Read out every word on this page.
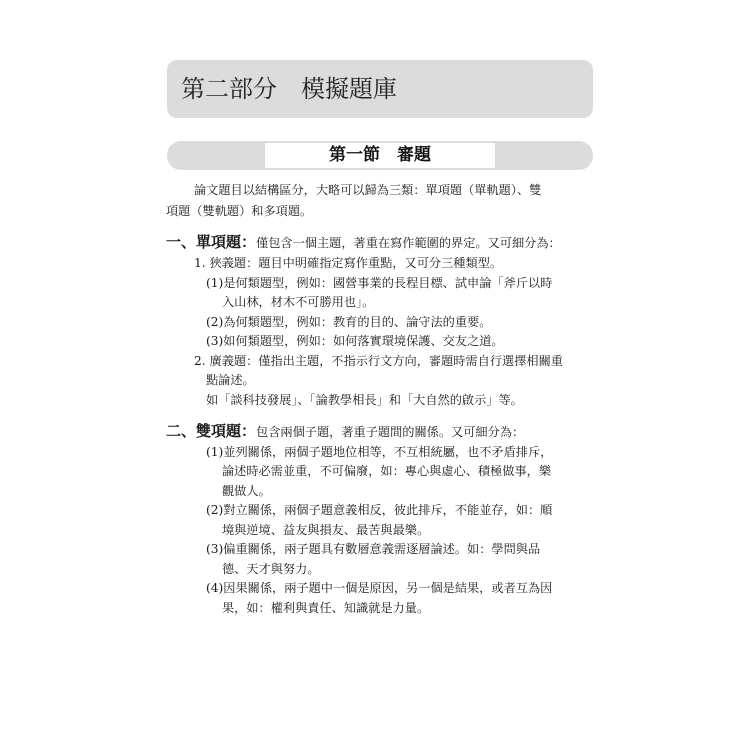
第二部分　模擬題庫
第一節　審題
論文題目以結構區分，大略可以歸為三類：單項題（單軌題）、雙
項題（雙軌題）和多項題。
一、單項題：僅包含一個主題，著重在寫作範圍的界定。又可細分為：
1. 狹義題：題目中明確指定寫作重點，又可分三種類型。
(1)是何類題型，例如：國營事業的長程目標、試申論「斧斤以時
入山林，材木不可勝用也」。
(2)為何類題型，例如：教育的目的、論守法的重要。
(3)如何類題型，例如：如何落實環境保護、交友之道。
2. 廣義題：僅指出主題，不指示行文方向，審題時需自行選擇相關重
點論述。
如「談科技發展」、「論教學相長」和「大自然的啟示」等。
二、雙項題：包含兩個子題，著重子題間的關係。又可細分為：
(1)並列關係，兩個子題地位相等，不互相統屬，也不矛盾排斥，
論述時必需並重，不可偏廢，如：專心與虛心、積極做事，樂
觀做人。
(2)對立關係，兩個子題意義相反，彼此排斥，不能並存，如：順
境與逆境、益友與損友、最苦與最樂。
(3)偏重關係，兩子題具有數層意義需逐層論述。如：學問與品
德、天才與努力。
(4)因果關係，兩子題中一個是原因，另一個是結果，或者互為因
果，如：權利與責任、知識就是力量。
